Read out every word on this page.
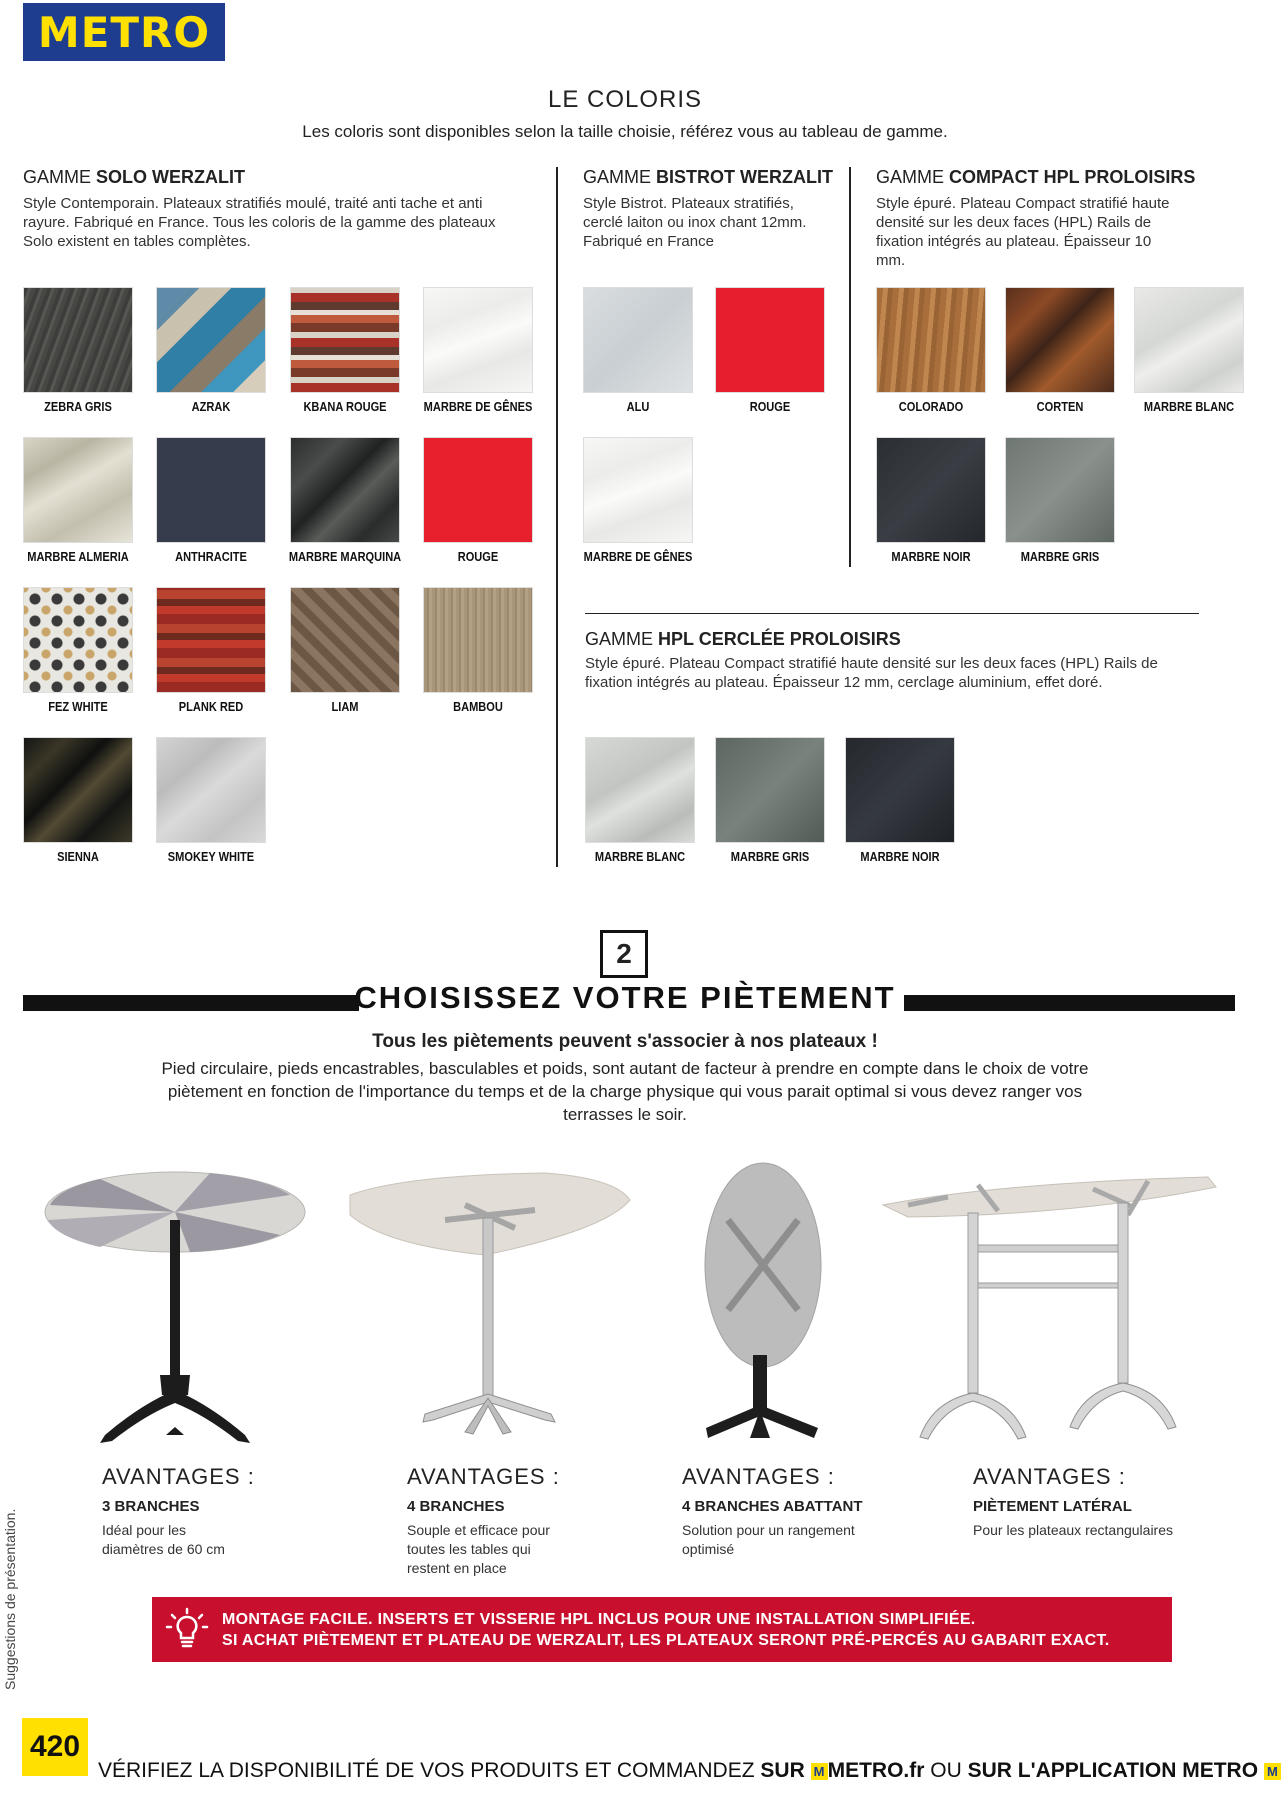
METRO
LE COLORIS
Les coloris sont disponibles selon la taille choisie, référez vous au tableau de gamme.
GAMME SOLO WERZALIT
Style Contemporain. Plateaux stratifiés moulé, traité anti tache et anti rayure. Fabriqué en France. Tous les coloris de la gamme des plateaux Solo existent en tables complètes.
GAMME BISTROT WERZALIT
Style Bistrot. Plateaux stratifiés, cerclé laiton ou inox chant 12mm. Fabriqué en France
GAMME COMPACT HPL PROLOISIRS
Style épuré. Plateau Compact stratifié haute densité sur les deux faces (HPL) Rails de fixation intégrés au plateau. Épaisseur 10 mm.
GAMME HPL CERCLÉE PROLOISIRS
Style épuré. Plateau Compact stratifié haute densité sur les deux faces (HPL) Rails de fixation intégrés au plateau. Épaisseur 12 mm, cerclage aluminium, effet doré.
ZEBRA GRIS	AZRAK	KBANA ROUGE	MARBRE DE GÊNES
MARBRE ALMERIA	ANTHRACITE	MARBRE MARQUINA	ROUGE
FEZ WHITE	PLANK RED	LIAM	BAMBOU
SIENNA	SMOKEY WHITE
ALU	ROUGE
MARBRE DE GÊNES
COLORADO	CORTEN	MARBRE BLANC
MARBRE NOIR	MARBRE GRIS
MARBRE BLANC	MARBRE GRIS	MARBRE NOIR
2
CHOISISSEZ VOTRE PIÈTEMENT
Tous les piètements peuvent s'associer à nos plateaux !
Pied circulaire, pieds encastrables, basculables et poids, sont autant de facteur à prendre en compte dans le choix de votre piètement en fonction de l'importance du temps et de la charge physique qui vous parait optimal si vous devez ranger vos terrasses le soir.
AVANTAGES :
3 BRANCHES
Idéal pour les diamètres de 60 cm
AVANTAGES :
4 BRANCHES
Souple et efficace pour toutes les tables qui restent en place
AVANTAGES :
4 BRANCHES ABATTANT
Solution pour un rangement optimisé
AVANTAGES :
PIÈTEMENT LATÉRAL
Pour les plateaux rectangulaires
MONTAGE FACILE. INSERTS ET VISSERIE HPL INCLUS POUR UNE INSTALLATION SIMPLIFIÉE.
SI ACHAT PIÈTEMENT ET PLATEAU DE WERZALIT, LES PLATEAUX SERONT PRÉ-PERCÉS AU GABARIT EXACT.
Suggestions de présentation.
420
VÉRIFIEZ LA DISPONIBILITÉ DE VOS PRODUITS ET COMMANDEZ SUR M METRO.fr OU SUR L'APPLICATION METRO M
